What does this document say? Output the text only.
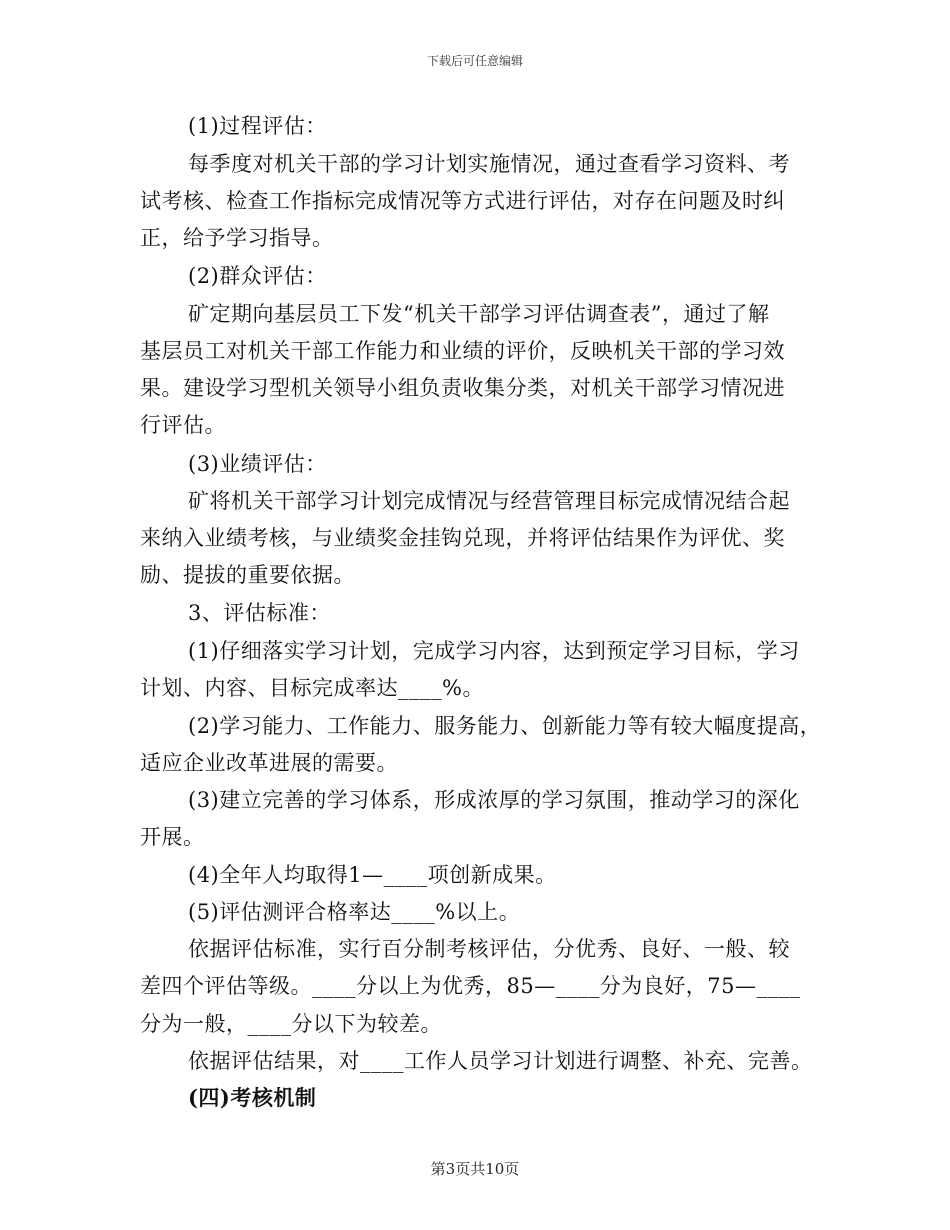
下载后可任意编辑
(1)过程评估：
每季度对机关干部的学习计划实施情况，通过查看学习资料、考
试考核、检查工作指标完成情况等方式进行评估，对存在问题及时纠
正，给予学习指导。
(2)群众评估：
矿定期向基层员工下发“机关干部学习评估调查表”，通过了解
基层员工对机关干部工作能力和业绩的评价，反映机关干部的学习效
果。建设学习型机关领导小组负责收集分类，对机关干部学习情况进
行评估。
(3)业绩评估：
矿将机关干部学习计划完成情况与经营管理目标完成情况结合起
来纳入业绩考核，与业绩奖金挂钩兑现，并将评估结果作为评优、奖
励、提拔的重要依据。
3、评估标准：
(1)仔细落实学习计划，完成学习内容，达到预定学习目标，学习
计划、内容、目标完成率达____%。
(2)学习能力、工作能力、服务能力、创新能力等有较大幅度提高，
适应企业改革进展的需要。
(3)建立完善的学习体系，形成浓厚的学习氛围，推动学习的深化
开展。
(4)全年人均取得1—____项创新成果。
(5)评估测评合格率达____%以上。
依据评估标准，实行百分制考核评估，分优秀、良好、一般、较
差四个评估等级。____分以上为优秀，85—____分为良好，75—____
分为一般，____分以下为较差。
依据评估结果，对____工作人员学习计划进行调整、补充、完善。
(四)考核机制
第3页共10页
